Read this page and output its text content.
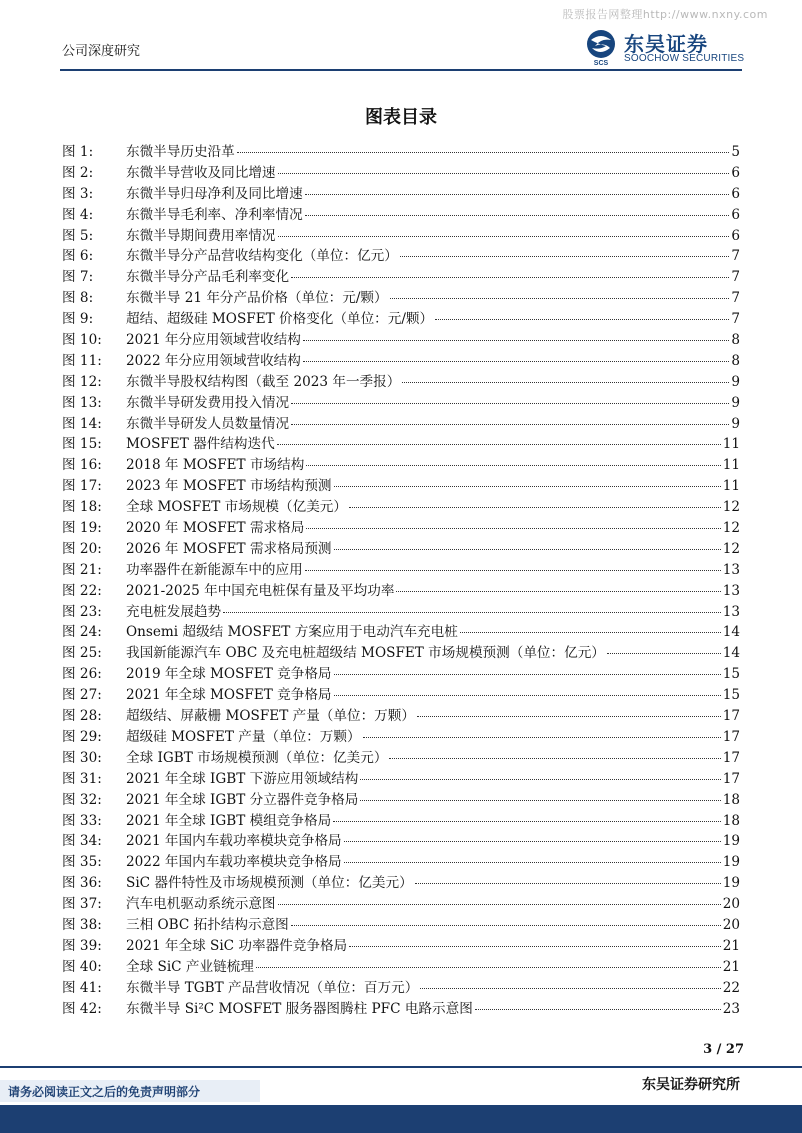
股票报告网整理http://www.nxny.com
公司深度研究
SCS
东吴证券
SOOCHOW SECURITIES
图表目录
图 1:	东微半导历史沿革	5
图 2:	东微半导营收及同比增速	6
图 3:	东微半导归母净利及同比增速	6
图 4:	东微半导毛利率、净利率情况	6
图 5:	东微半导期间费用率情况	6
图 6:	东微半导分产品营收结构变化（单位：亿元）	7
图 7:	东微半导分产品毛利率变化	7
图 8:	东微半导 21 年分产品价格（单位：元/颗）	7
图 9:	超结、超级硅 MOSFET 价格变化（单位：元/颗）	7
图 10:	2021 年分应用领域营收结构	8
图 11:	2022 年分应用领域营收结构	8
图 12:	东微半导股权结构图（截至 2023 年一季报）	9
图 13:	东微半导研发费用投入情况	9
图 14:	东微半导研发人员数量情况	9
图 15:	MOSFET 器件结构迭代	11
图 16:	2018 年 MOSFET 市场结构	11
图 17:	2023 年 MOSFET 市场结构预测	11
图 18:	全球 MOSFET 市场规模（亿美元）	12
图 19:	2020 年 MOSFET 需求格局	12
图 20:	2026 年 MOSFET 需求格局预测	12
图 21:	功率器件在新能源车中的应用	13
图 22:	2021-2025 年中国充电桩保有量及平均功率	13
图 23:	充电桩发展趋势	13
图 24:	Onsemi 超级结 MOSFET 方案应用于电动汽车充电桩	14
图 25:	我国新能源汽车 OBC 及充电桩超级结 MOSFET 市场规模预测（单位：亿元）	14
图 26:	2019 年全球 MOSFET 竞争格局	15
图 27:	2021 年全球 MOSFET 竞争格局	15
图 28:	超级结、屏蔽栅 MOSFET 产量（单位：万颗）	17
图 29:	超级硅 MOSFET 产量（单位：万颗）	17
图 30:	全球 IGBT 市场规模预测（单位：亿美元）	17
图 31:	2021 年全球 IGBT 下游应用领域结构	17
图 32:	2021 年全球 IGBT 分立器件竞争格局	18
图 33:	2021 年全球 IGBT 模组竞争格局	18
图 34:	2021 年国内车载功率模块竞争格局	19
图 35:	2022 年国内车载功率模块竞争格局	19
图 36:	SiC 器件特性及市场规模预测（单位：亿美元）	19
图 37:	汽车电机驱动系统示意图	20
图 38:	三相 OBC 拓扑结构示意图	20
图 39:	2021 年全球 SiC 功率器件竞争格局	21
图 40:	全球 SiC 产业链梳理	21
图 41:	东微半导 TGBT 产品营收情况（单位：百万元）	22
图 42:	东微半导 Si²C MOSFET 服务器图腾柱 PFC 电路示意图	23
3 / 27
请务必阅读正文之后的免责声明部分	东吴证券研究所
